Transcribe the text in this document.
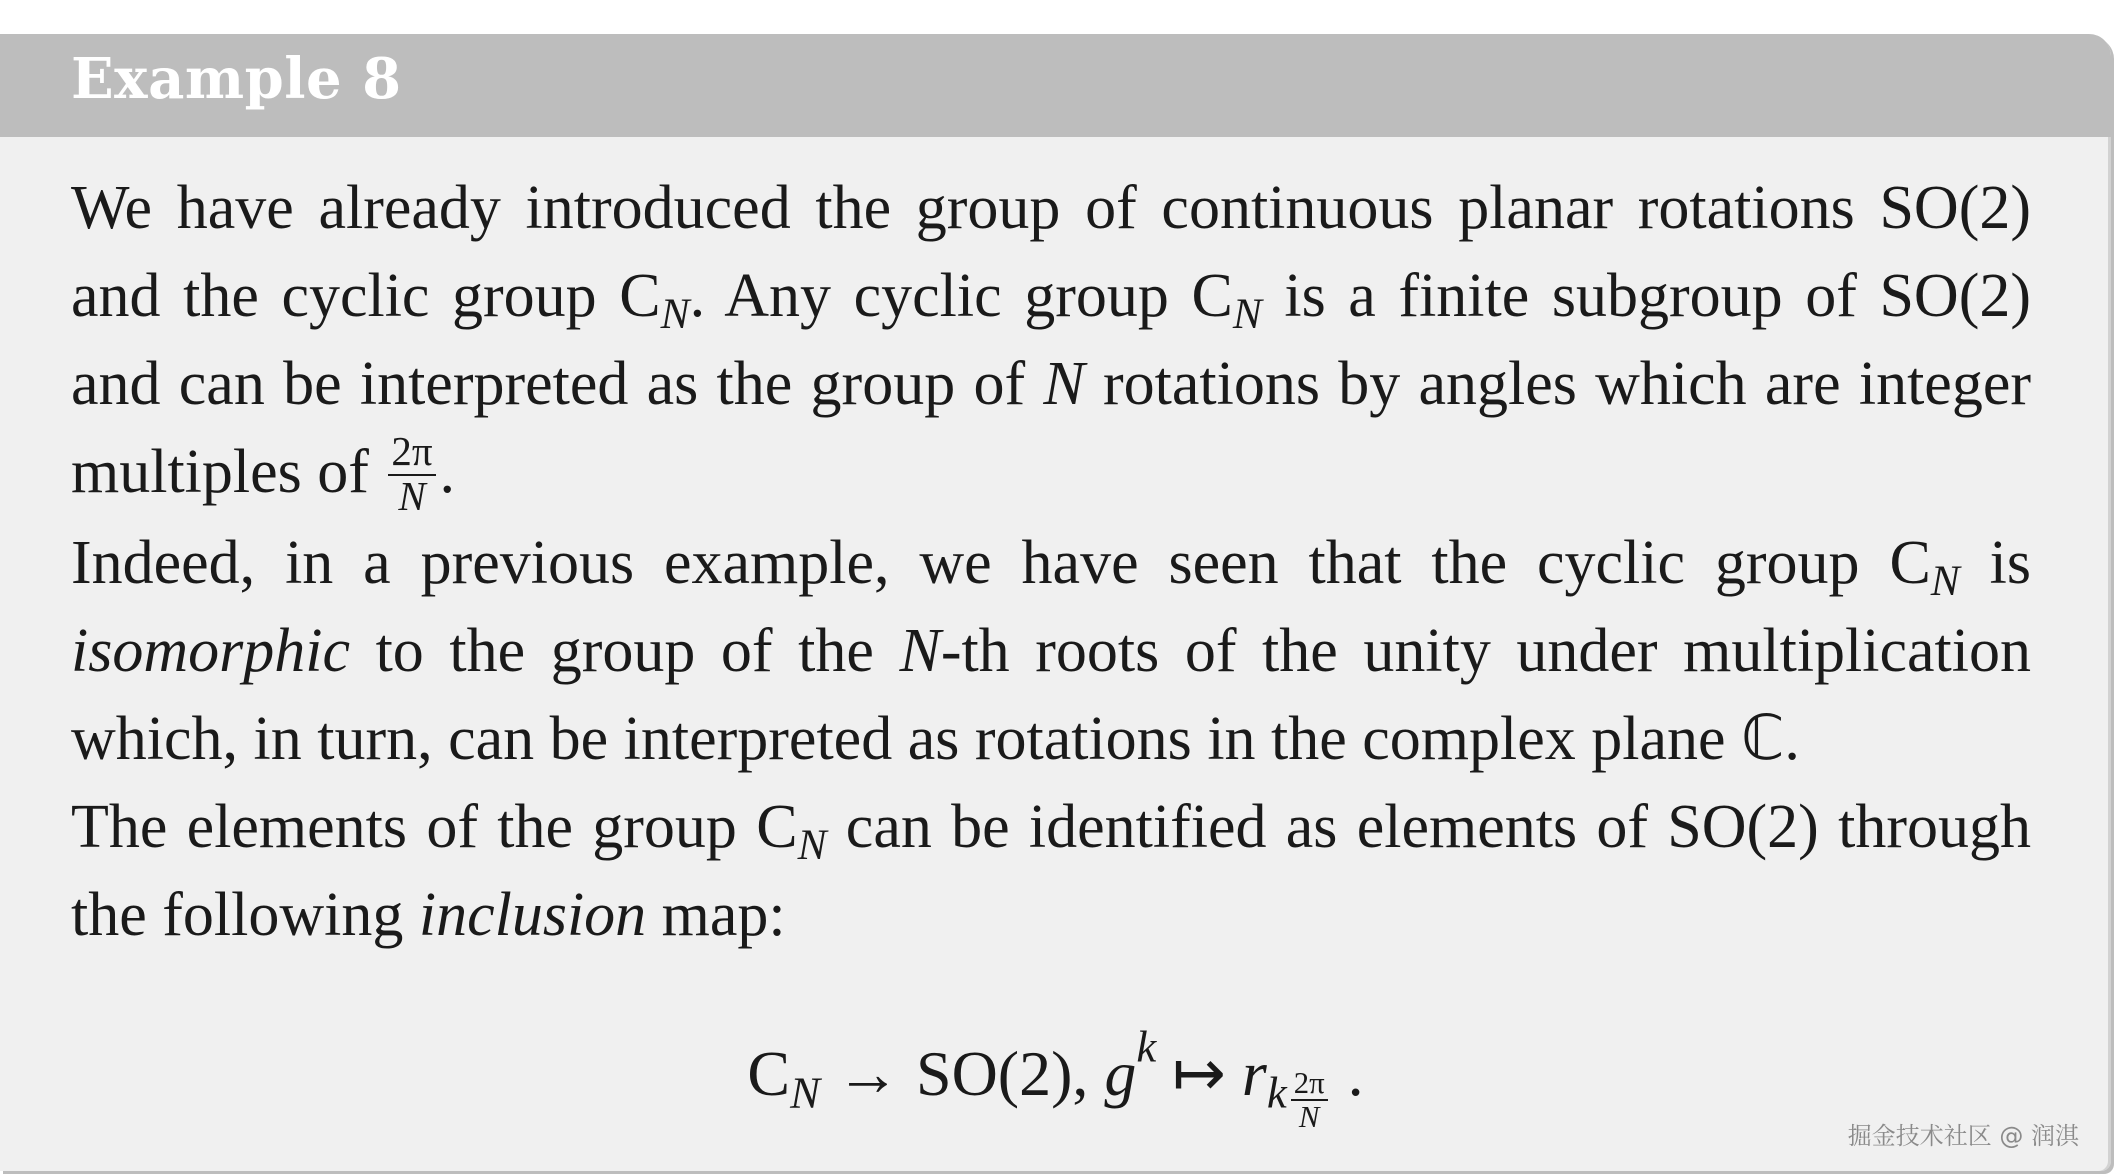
Example 8

We have already introduced the group of continuous planar rotations SO(2) and the cyclic group $C_N$. Any cyclic group $C_N$ is a finite subgroup of SO(2) and can be interpreted as the group of N rotations by angles which are integer multiples of $\frac{2\pi}{N}$ .

Indeed, in a previous example, we have seen that the cyclic group $C_N$ is isomorphic to the group of the N-th roots of the unity under multiplication which, in turn, can be interpreted as rotations in the complex plane ℂ.

The elements of the group $C_N$ can be identified as elements of SO(2) through the following inclusion map:

$C_N \to SO(2)$, $g^k$ ↦ $r_k \frac{2\pi}{N}$ .
掘金技术社区 @ 润淇
